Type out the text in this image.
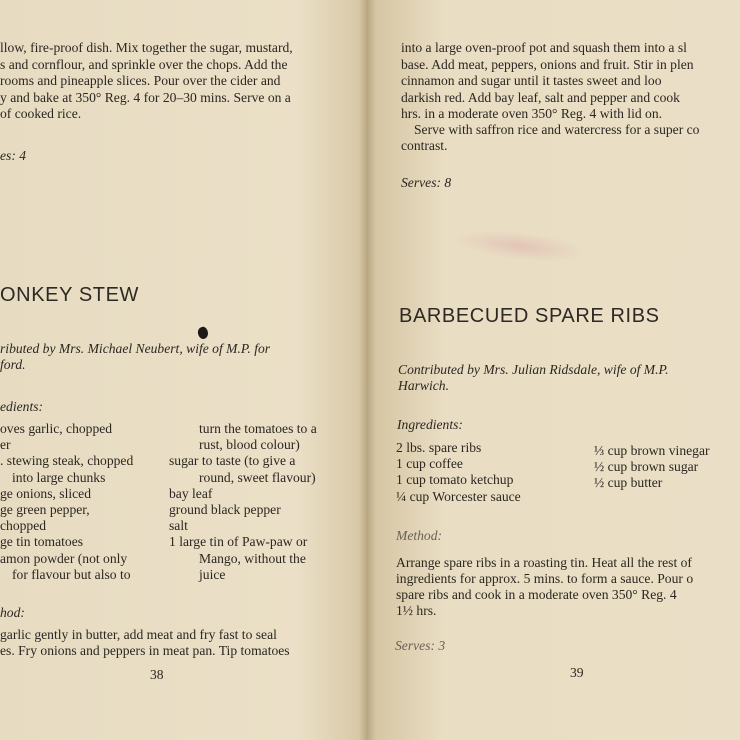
llow, fire-proof dish. Mix together the sugar, mustard,

s and cornflour, and sprinkle over the chops. Add the

rooms and pineapple slices. Pour over the cider and

y and bake at 350° Reg. 4 for 20–30 mins. Serve on a

of cooked rice.

es: 4

ONKEY STEW

ributed by Mrs. Michael Neubert, wife of M.P. for

ford.

edients:

oves garlic, chopped
er
. stewing steak, chopped
into large chunks
ge onions, sliced
ge green pepper,
chopped
ge tin tomatoes
amon powder (not only
for flavour but also to
turn the tomatoes to a
rust, blood colour)
sugar to taste (to give a
round, sweet flavour)
bay leaf
ground black pepper
salt
1 large tin of Paw-paw or
Mango, without the
juice

hod:

garlic gently in butter, add meat and fry fast to seal

es. Fry onions and peppers in meat pan. Tip tomatoes

38

into a large oven-proof pot and squash them into a sl

base. Add meat, peppers, onions and fruit. Stir in plen

cinnamon and sugar until it tastes sweet and loo

darkish red. Add bay leaf, salt and pepper and cook

hrs. in a moderate oven 350° Reg. 4 with lid on.

Serve with saffron rice and watercress for a super co

contrast.

Serves: 8

BARBECUED SPARE RIBS

Contributed by Mrs. Julian Ridsdale, wife of M.P.

Harwich.

Ingredients:

2 lbs. spare ribs
1 cup coffee
1 cup tomato ketchup
¼ cup Worcester sauce
⅓ cup brown vinegar
½ cup brown sugar
½ cup butter

Method:

Arrange spare ribs in a roasting tin. Heat all the rest of

ingredients for approx. 5 mins. to form a sauce. Pour o

spare ribs and cook in a moderate oven 350° Reg. 4

1½ hrs.

Serves: 3

39
